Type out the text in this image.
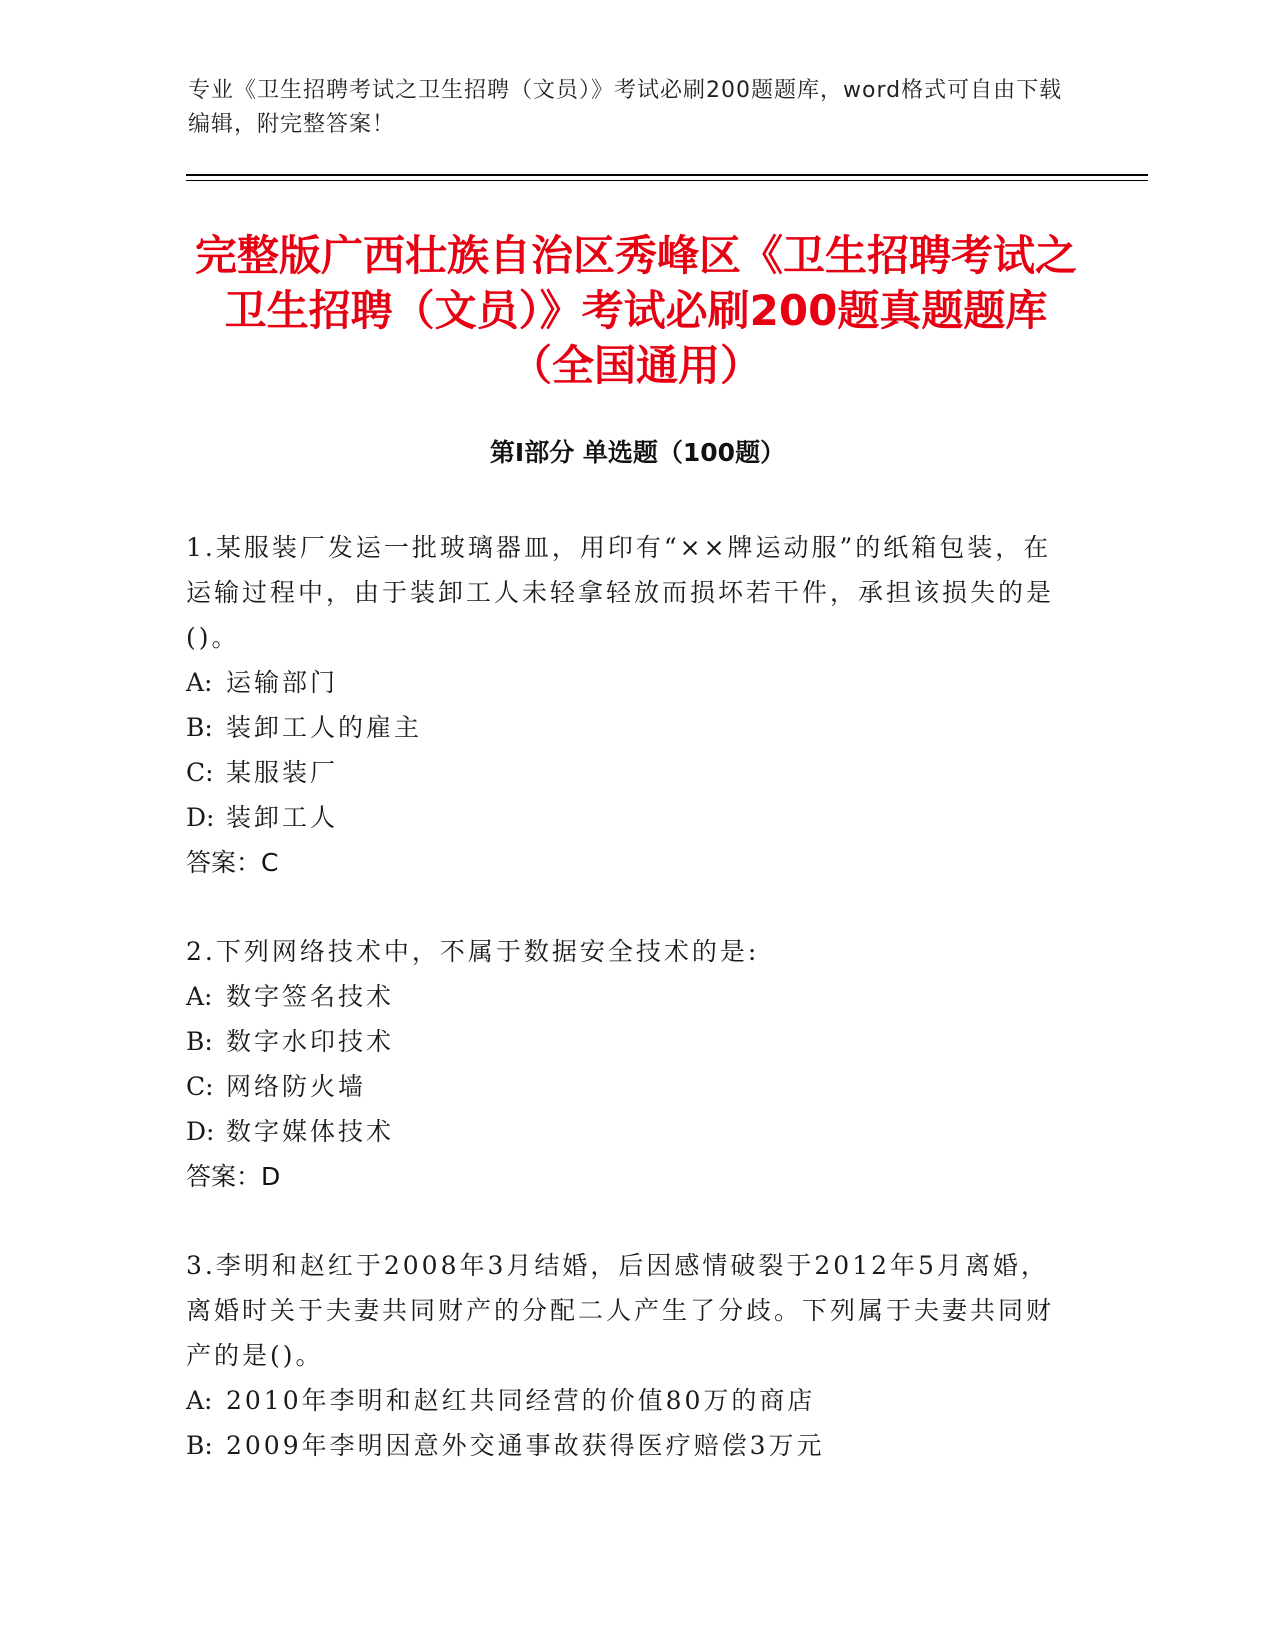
专业《卫生招聘考试之卫生招聘（文员）》考试必刷200题题库，word格式可自由下载编辑，附完整答案！
完整版广西壮族自治区秀峰区《卫生招聘考试之卫生招聘（文员）》考试必刷200题真题题库（全国通用）
第Ⅰ部分 单选题（100题）

1.某服装厂发运一批玻璃器皿，用印有“××牌运动服”的纸箱包装，在运输过程中，由于装卸工人未轻拿轻放而损坏若干件，承担该损失的是()。

A: 运输部门

B: 装卸工人的雇主

C: 某服装厂

D: 装卸工人

答案：C

2.下列网络技术中，不属于数据安全技术的是:

A: 数字签名技术

B: 数字水印技术

C: 网络防火墙

D: 数字媒体技术

答案：D

3.李明和赵红于2008年3月结婚，后因感情破裂于2012年5月离婚，离婚时关于夫妻共同财产的分配二人产生了分歧。下列属于夫妻共同财产的是()。

A: 2010年李明和赵红共同经营的价值80万的商店

B: 2009年李明因意外交通事故获得医疗赔偿3万元
